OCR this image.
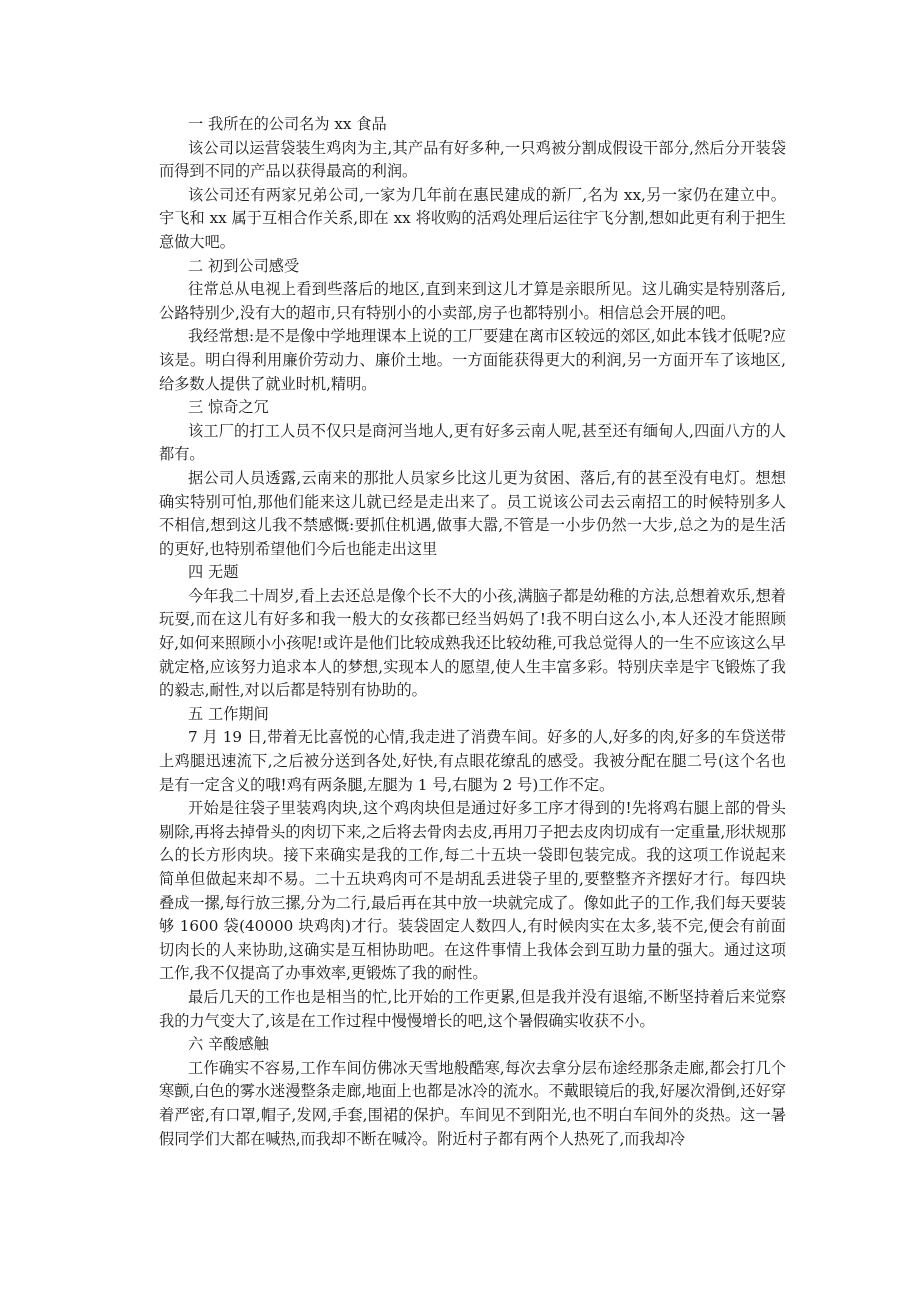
一 我所在的公司名为 xx 食品

该公司以运营袋装生鸡肉为主,其产品有好多种,一只鸡被分割成假设干部分,然后分开装袋而得到不同的产品以获得最高的利润。

该公司还有两家兄弟公司,一家为几年前在惠民建成的新厂,名为 xx,另一家仍在建立中。宇飞和 xx 属于互相合作关系,即在 xx 将收购的活鸡处理后运往宇飞分割,想如此更有利于把生意做大吧。

二 初到公司感受

往常总从电视上看到些落后的地区,直到来到这儿才算是亲眼所见。这儿确实是特别落后,公路特别少,没有大的超市,只有特别小的小卖部,房子也都特别小。相信总会开展的吧。

我经常想:是不是像中学地理课本上说的工厂要建在离市区较远的郊区,如此本钱才低呢?应该是。明白得利用廉价劳动力、廉价土地。一方面能获得更大的利润,另一方面开车了该地区,给多数人提供了就业时机,精明。

三 惊奇之冗

该工厂的打工人员不仅只是商河当地人,更有好多云南人呢,甚至还有缅甸人,四面八方的人都有。

据公司人员透露,云南来的那批人员家乡比这儿更为贫困、落后,有的甚至没有电灯。想想确实特别可怕,那他们能来这儿就已经是走出来了。员工说该公司去云南招工的时候特别多人不相信,想到这儿我不禁感慨:要抓住机遇,做事大嚣,不管是一小步仍然一大步,总之为的是生活的更好,也特别希望他们今后也能走出这里

四 无题

今年我二十周岁,看上去还总是像个长不大的小孩,满脑子都是幼稚的方法,总想着欢乐,想着玩耍,而在这儿有好多和我一般大的女孩都已经当妈妈了!我不明白这么小,本人还没才能照顾好,如何来照顾小小孩呢!或许是他们比较成熟我还比较幼稚,可我总觉得人的一生不应该这么早就定格,应该努力追求本人的梦想,实现本人的愿望,使人生丰富多彩。特别庆幸是宇飞锻炼了我的毅志,耐性,对以后都是特别有协助的。

五 工作期间

7 月 19 日,带着无比喜悦的心情,我走进了消费车间。好多的人,好多的肉,好多的车贷送带上鸡腿迅速流下,之后被分送到各处,好快,有点眼花缭乱的感受。我被分配在腿二号(这个名也是有一定含义的哦!鸡有两条腿,左腿为 1 号,右腿为 2 号)工作不定。

开始是往袋子里装鸡肉块,这个鸡肉块但是通过好多工序才得到的!先将鸡右腿上部的骨头剔除,再将去掉骨头的肉切下来,之后将去骨肉去皮,再用刀子把去皮肉切成有一定重量,形状规那么的长方形肉块。接下来确实是我的工作,每二十五块一袋即包装完成。我的这项工作说起来简单但做起来却不易。二十五块鸡肉可不是胡乱丢进袋子里的,要整整齐齐摆好才行。每四块叠成一摞,每行放三摞,分为二行,最后再在其中放一块就完成了。像如此子的工作,我们每天要装够 1600 袋(40000 块鸡肉)才行。装袋固定人数四人,有时候肉实在太多,装不完,便会有前面切肉长的人来协助,这确实是互相协助吧。在这件事情上我体会到互助力量的强大。通过这项工作,我不仅提高了办事效率,更锻炼了我的耐性。

最后几天的工作也是相当的忙,比开始的工作更累,但是我并没有退缩,不断坚持着后来觉察我的力气变大了,该是在工作过程中慢慢增长的吧,这个暑假确实收获不小。

六 辛酸感触

工作确实不容易,工作车间仿佛冰天雪地般酷寒,每次去拿分层布途经那条走廊,都会打几个寒颤,白色的雾水迷漫整条走廊,地面上也都是冰冷的流水。不戴眼镜后的我,好屡次滑倒,还好穿着严密,有口罩,帽子,发网,手套,围裙的保护。车间见不到阳光,也不明白车间外的炎热。这一暑假同学们大都在喊热,而我却不断在喊冷。附近村子都有两个人热死了,而我却冷
